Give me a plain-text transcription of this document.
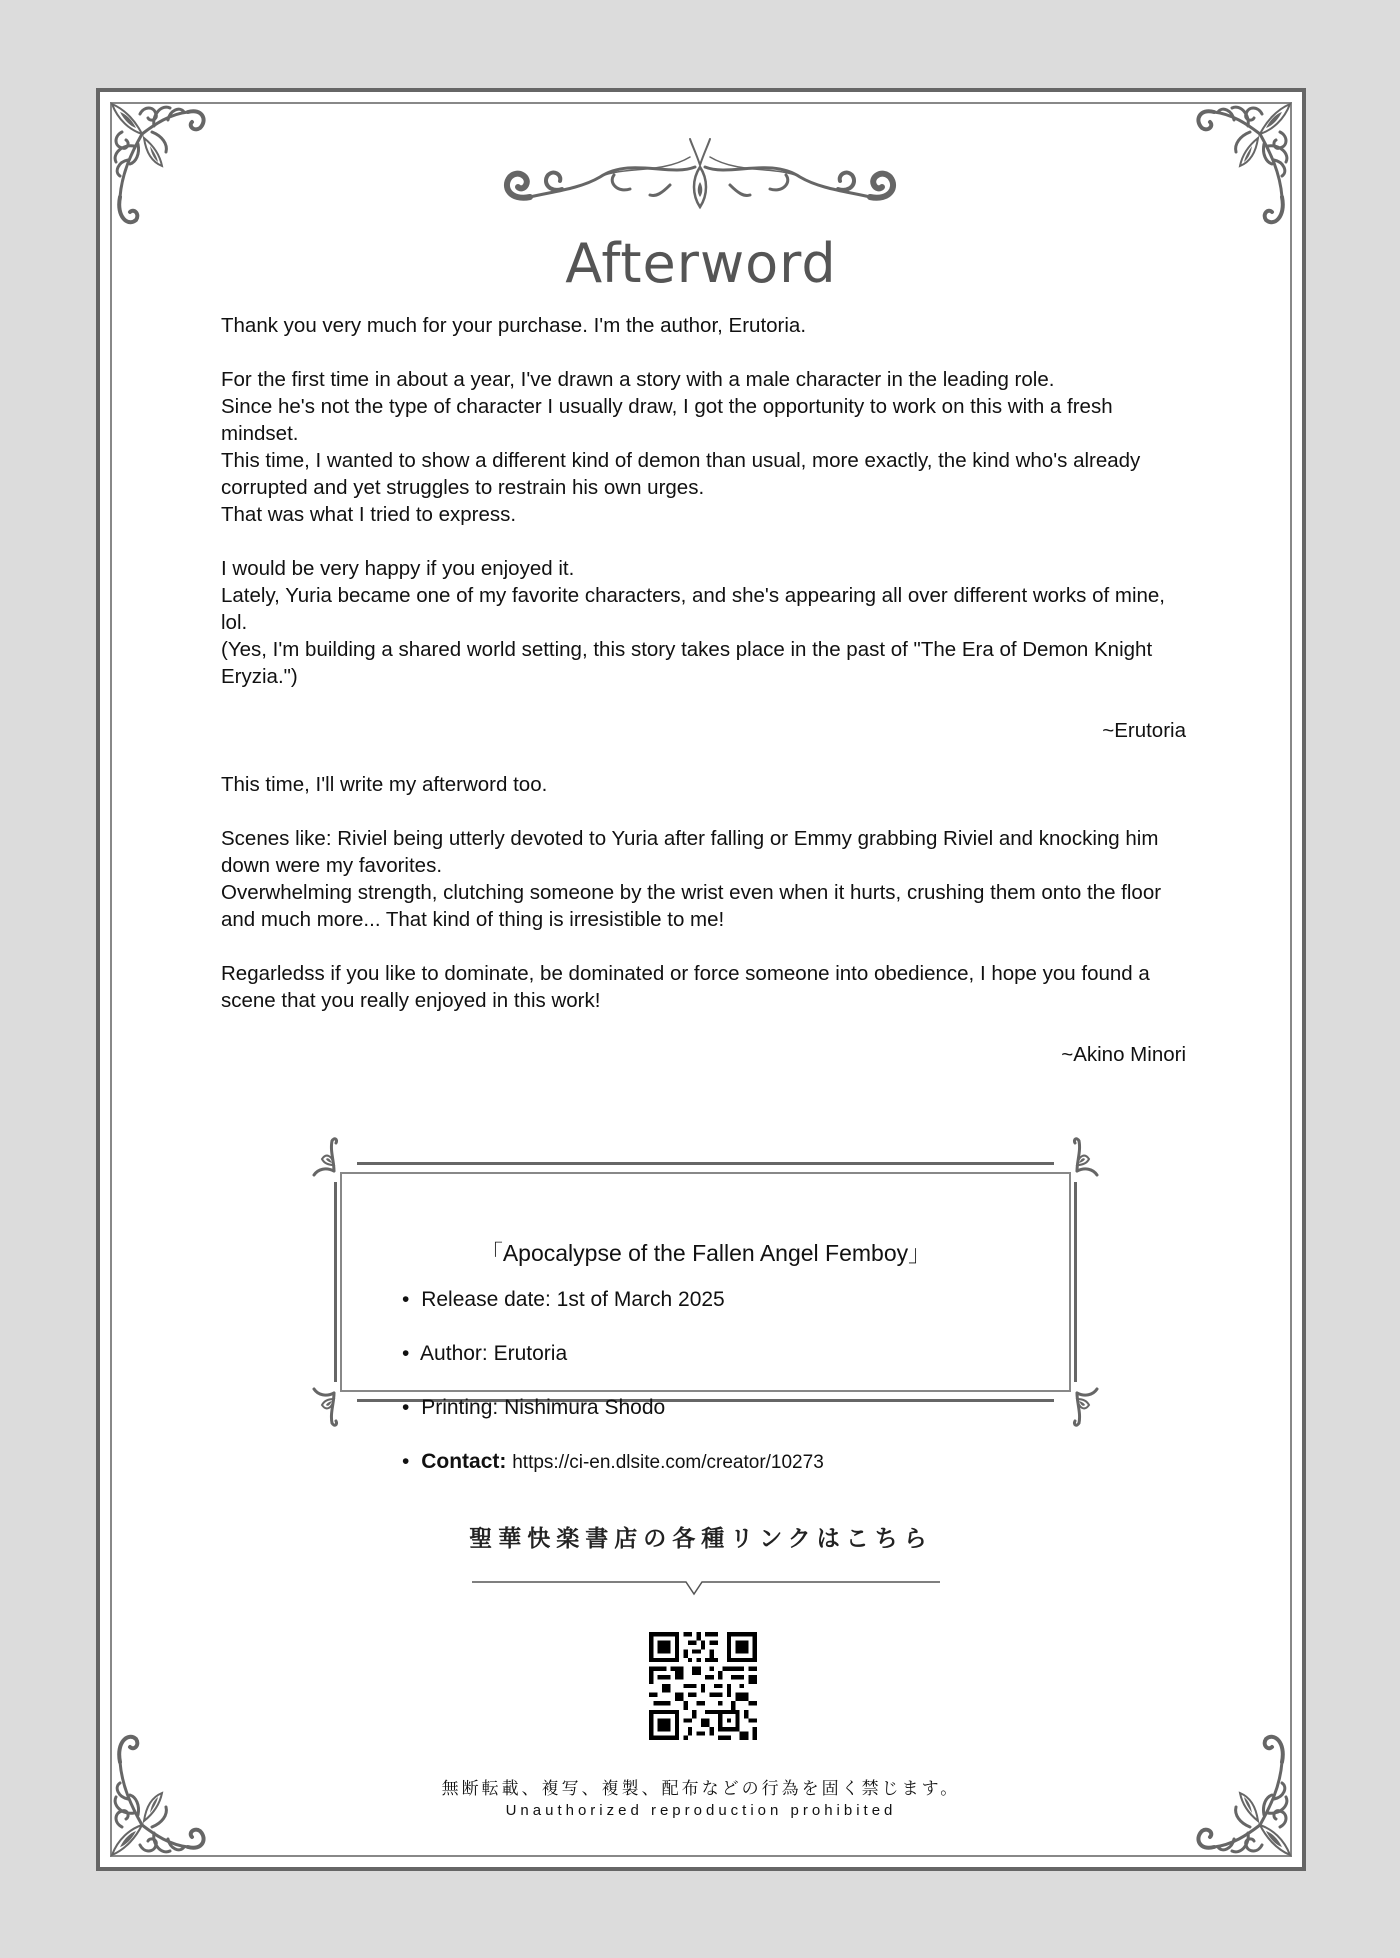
Afterword

Thank you very much for your purchase. I'm the author, Erutoria.

For the first time in about a year, I've drawn a story with a male character in the leading role.
Since he's not the type of character I usually draw, I got the opportunity to work on this with a fresh mindset.
This time, I wanted to show a different kind of demon than usual, more exactly, the kind who's already corrupted and yet struggles to restrain his own urges.
That was what I tried to express.

I would be very happy if you enjoyed it.
Lately, Yuria became one of my favorite characters, and she's appearing all over different works of mine, lol.
(Yes, I'm building a shared world setting, this story takes place in the past of "The Era of Demon Knight Eryzia.")

~Erutoria

This time, I'll write my afterword too.

Scenes like: Riviel being utterly devoted to Yuria after falling or Emmy grabbing Riviel and knocking him down were my favorites.
Overwhelming strength, clutching someone by the wrist even when it hurts, crushing them onto the floor and much more... That kind of thing is irresistible to me!

Regarledss if you like to dominate, be dominated or force someone into obedience, I hope you found a scene that you really enjoyed in this work!

~Akino Minori
「Apocalypse of the Fallen Angel Femboy」
• Release date: 1st of March 2025
• Author: Erutoria
• Printing: Nishimura Shodo
• Contact: https://ci-en.dlsite.com/creator/10273
聖華快楽書店の各種リンクはこちら
無断転載、複写、複製、配布などの行為を固く禁じます。
Unauthorized reproduction prohibited
